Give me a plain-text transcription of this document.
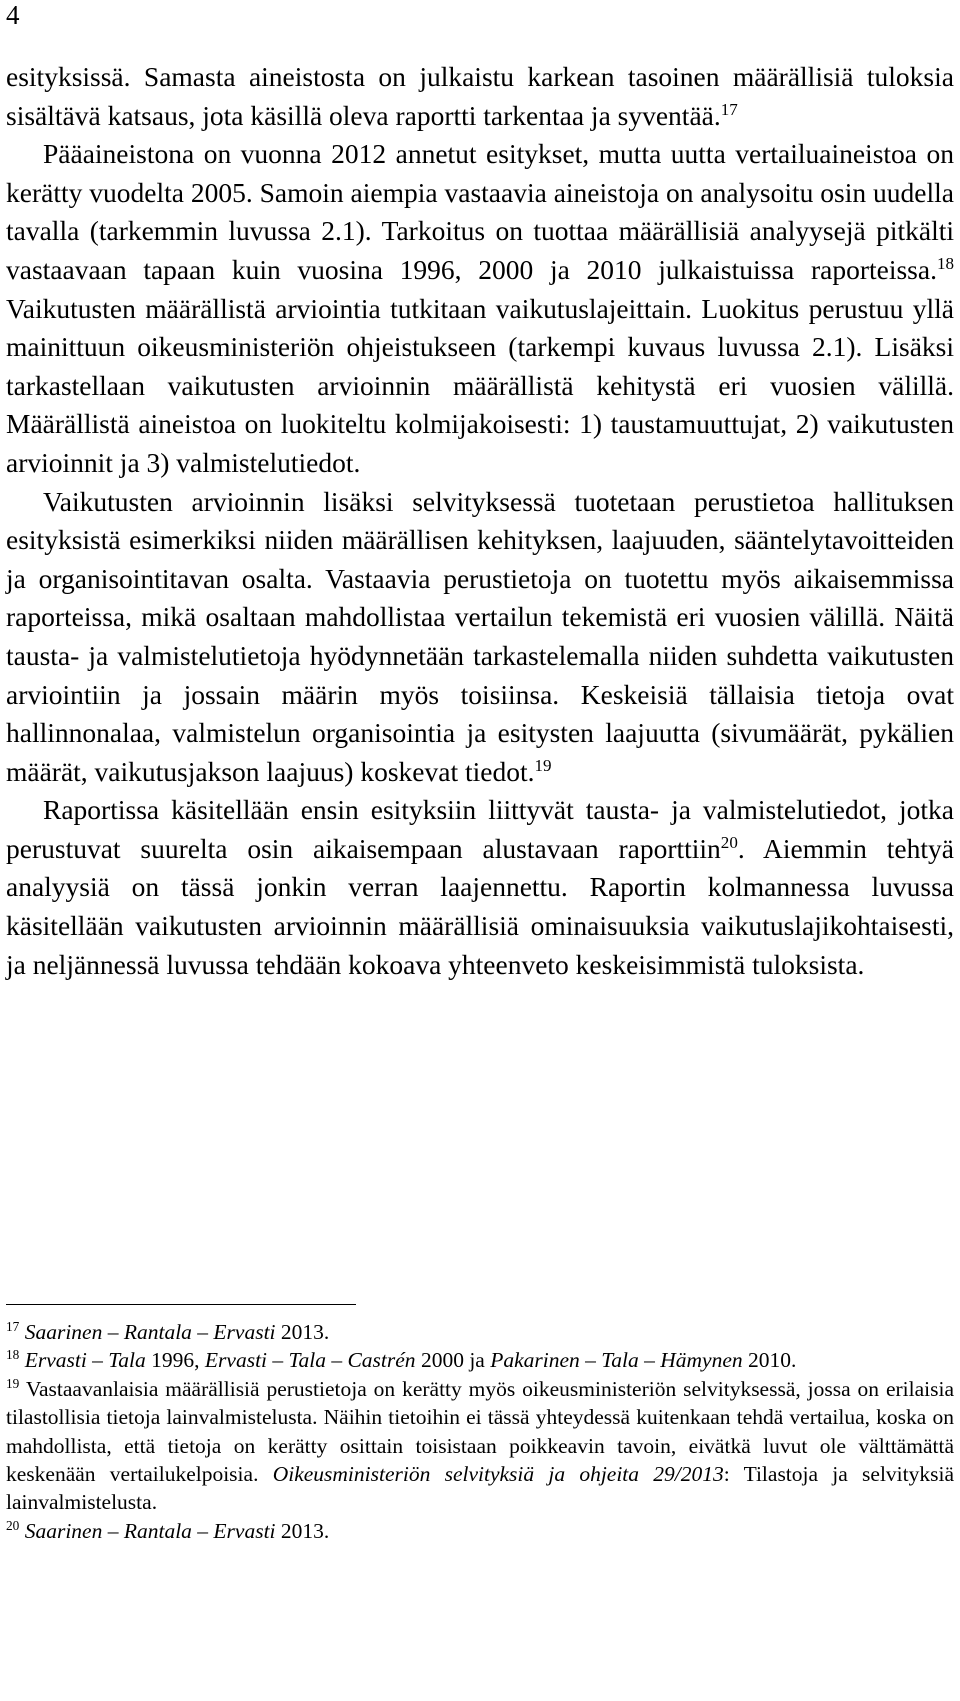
4

esityksissä. Samasta aineistosta on julkaistu karkean tasoinen määrällisiä tuloksia sisältävä katsaus, jota käsillä oleva raportti tarkentaa ja syventää.$^{17}$

Pääaineistona on vuonna 2012 annetut esitykset, mutta uutta vertailuaineistoa on kerätty vuodelta 2005. Samoin aiempia vastaavia aineistoja on analysoitu osin uudella tavalla (tarkemmin luvussa 2.1). Tarkoitus on tuottaa määrällisiä analyysejä pitkälti vastaavaan tapaan kuin vuosina 1996, 2000 ja 2010 julkaistuissa raporteissa.$^{18}$ Vaikutusten määrällistä arviointia tutkitaan vaikutuslajeittain. Luokitus perustuu yllä mainittuun oikeusministeriön ohjeistukseen (tarkempi kuvaus luvussa 2.1). Lisäksi tarkastellaan vaikutusten arvioinnin määrällistä kehitystä eri vuosien välillä. Määrällistä aineistoa on luokiteltu kolmijakoisesti: 1) taustamuuttujat, 2) vaikutusten arvioinnit ja 3) valmistelutiedot.

Vaikutusten arvioinnin lisäksi selvityksessä tuotetaan perustietoa hallituksen esityksistä esimerkiksi niiden määrällisen kehityksen, laajuuden, sääntelytavoitteiden ja organisointitavan osalta. Vastaavia perustietoja on tuotettu myös aikaisemmissa raporteissa, mikä osaltaan mahdollistaa vertailun tekemistä eri vuosien välillä. Näitä tausta- ja valmistelutietoja hyödynnetään tarkastelemalla niiden suhdetta vaikutusten arviointiin ja jossain määrin myös toisiinsa. Keskeisiä tällaisia tietoja ovat hallinnonalaa, valmistelun organisointia ja esitysten laajuutta (sivumäärät, pykälien määrät, vaikutusjakson laajuus) koskevat tiedot.$^{19}$

Raportissa käsitellään ensin esityksiin liittyvät tausta- ja valmistelutiedot, jotka perustuvat suurelta osin aikaisempaan alustavaan raporttiin$^{20}$. Aiemmin tehtyä analyysiä on tässä jonkin verran laajennettu. Raportin kolmannessa luvussa käsitellään vaikutusten arvioinnin määrällisiä ominaisuuksia vaikutuslajikohtaisesti, ja neljännessä luvussa tehdään kokoava yhteenveto keskeisimmistä tuloksista.

$^{17}$ Saarinen – Rantala – Ervasti 2013.

$^{18}$ Ervasti – Tala 1996, Ervasti – Tala – Castrén 2000 ja Pakarinen – Tala – Hämynen 2010.

$^{19}$ Vastaavanlaisia määrällisiä perustietoja on kerätty myös oikeusministeriön selvityksessä, jossa on erilaisia tilastollisia tietoja lainvalmistelusta. Näihin tietoihin ei tässä yhteydessä kuitenkaan tehdä vertailua, koska on mahdollista, että tietoja on kerätty osittain toisistaan poikkeavin tavoin, eivätkä luvut ole välttämättä keskenään vertailukelpoisia. Oikeusministeriön selvityksiä ja ohjeita 29/2013: Tilastoja ja selvityksiä lainvalmistelusta.

$^{20}$ Saarinen – Rantala – Ervasti 2013.
